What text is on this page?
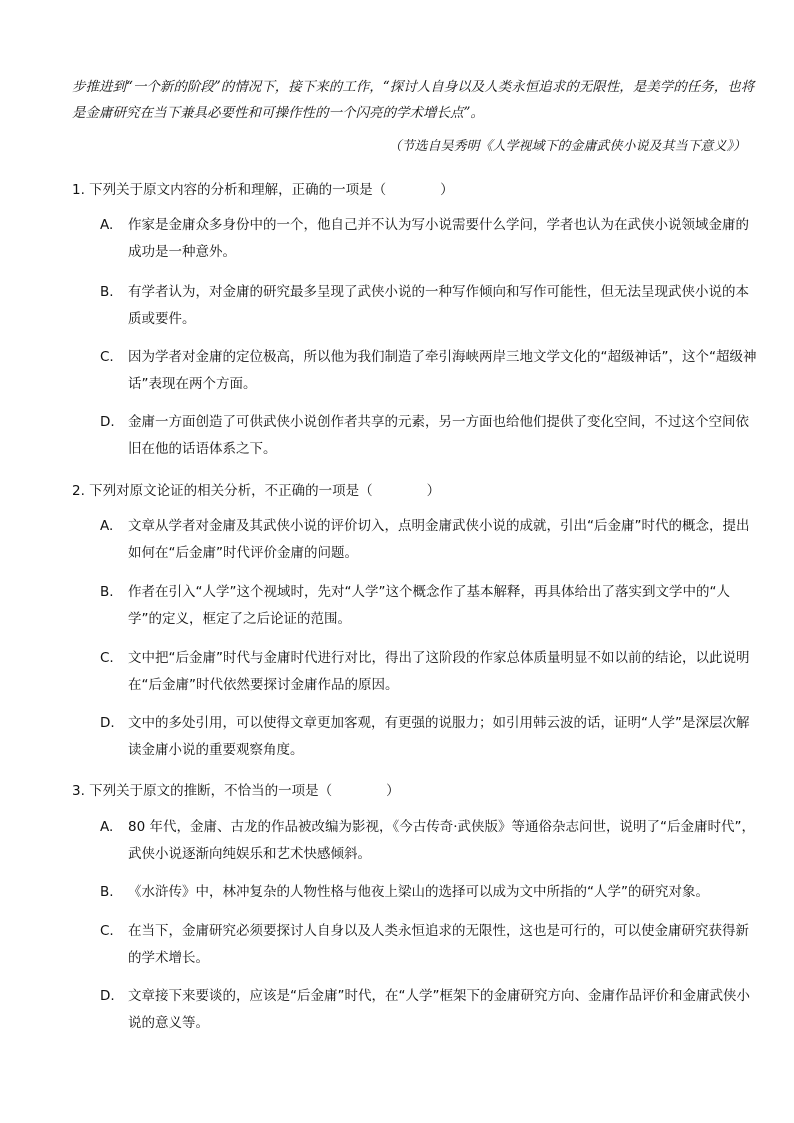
步推进到“一个新的阶段”的情况下，接下来的工作，“探讨人自身以及人类永恒追求的无限性，是美学的任务，也将是金庸研究在当下兼具必要性和可操作性的一个闪亮的学术增长点”。
（节选自吴秀明《人学视域下的金庸武侠小说及其当下意义》）
1. 下列关于原文内容的分析和理解，正确的一项是（　　　　）
A.	作家是金庸众多身份中的一个，他自己并不认为写小说需要什么学问，学者也认为在武侠小说领域金庸的成功是一种意外。
B.	有学者认为，对金庸的研究最多呈现了武侠小说的一种写作倾向和写作可能性，但无法呈现武侠小说的本质或要件。
C.	因为学者对金庸的定位极高，所以他为我们制造了牵引海峡两岸三地文学文化的“超级神话”，这个“超级神话”表现在两个方面。
D. 金庸一方面创造了可供武侠小说创作者共享的元素，另一方面也给他们提供了变化空间，不过这个空间依旧在他的话语体系之下。
2. 下列对原文论证的相关分析，不正确的一项是（　　　　）
A.	文章从学者对金庸及其武侠小说的评价切入，点明金庸武侠小说的成就，引出“后金庸”时代的概念，提出如何在“后金庸”时代评价金庸的问题。
B.	作者在引入“人学”这个视域时，先对“人学”这个概念作了基本解释，再具体给出了落实到文学中的“人学”的定义，框定了之后论证的范围。
C.	文中把“后金庸”时代与金庸时代进行对比，得出了这阶段的作家总体质量明显不如以前的结论，以此说明在“后金庸”时代依然要探讨金庸作品的原因。
D. 文中的多处引用，可以使得文章更加客观，有更强的说服力；如引用韩云波的话，证明“人学”是深层次解读金庸小说的重要观察角度。
3. 下列关于原文的推断，不恰当的一项是（　　　　）
A.	80 年代，金庸、古龙的作品被改编为影视，《今古传奇·武侠版》等通俗杂志问世，说明了“后金庸时代”，武侠小说逐渐向纯娱乐和艺术快感倾斜。
B.	《水浒传》中，林冲复杂的人物性格与他夜上梁山的选择可以成为文中所指的“人学”的研究对象。
C.	在当下，金庸研究必须要探讨人自身以及人类永恒追求的无限性，这也是可行的，可以使金庸研究获得新的学术增长。
D. 文章接下来要谈的，应该是“后金庸”时代，在“人学”框架下的金庸研究方向、金庸作品评价和金庸武侠小说的意义等。
